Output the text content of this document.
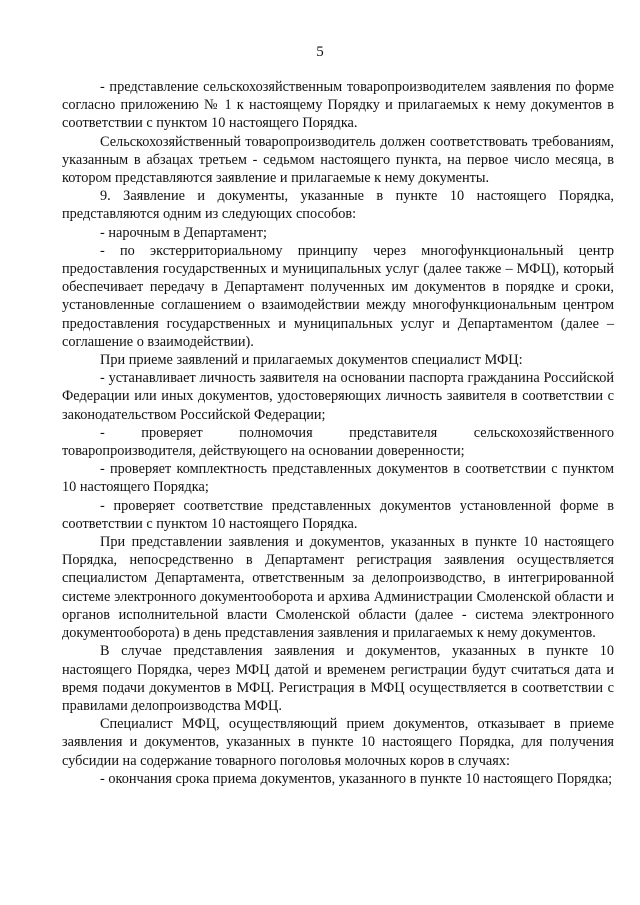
5

- представление сельскохозяйственным товаропроизводителем заявления по форме согласно приложению № 1 к настоящему Порядку и прилагаемых к нему документов в соответствии с пунктом 10 настоящего Порядка.

Сельскохозяйственный товаропроизводитель должен соответствовать требованиям, указанным в абзацах третьем - седьмом настоящего пункта, на первое число месяца, в котором представляются заявление и прилагаемые к нему документы.

9. Заявление и документы, указанные в пункте 10 настоящего Порядка, представляются одним из следующих способов:

- нарочным в Департамент;

- по экстерриториальному принципу через многофункциональный центр предоставления государственных и муниципальных услуг (далее также – МФЦ), который обеспечивает передачу в Департамент полученных им документов в порядке и сроки, установленные соглашением о взаимодействии между многофункциональным центром предоставления государственных и муниципальных услуг и Департаментом (далее – соглашение о взаимодействии).

При приеме заявлений и прилагаемых документов специалист МФЦ:

- устанавливает личность заявителя на основании паспорта гражданина Российской Федерации или иных документов, удостоверяющих личность заявителя в соответствии с законодательством Российской Федерации;

- проверяет полномочия представителя сельскохозяйственного товаропроизводителя, действующего на основании доверенности;

- проверяет комплектность представленных документов в соответствии с пунктом 10 настоящего Порядка;

- проверяет соответствие представленных документов установленной форме в соответствии с пунктом 10 настоящего Порядка.

При представлении заявления и документов, указанных в пункте 10 настоящего Порядка, непосредственно в Департамент регистрация заявления осуществляется специалистом Департамента, ответственным за делопроизводство, в интегрированной системе электронного документооборота и архива Администрации Смоленской области и органов исполнительной власти Смоленской области (далее - система электронного документооборота) в день представления заявления и прилагаемых к нему документов.

В случае представления заявления и документов, указанных в пункте 10 настоящего Порядка, через МФЦ датой и временем регистрации будут считаться дата и время подачи документов в МФЦ. Регистрация в МФЦ осуществляется в соответствии с правилами делопроизводства МФЦ.

Специалист МФЦ, осуществляющий прием документов, отказывает в приеме заявления и документов, указанных в пункте 10 настоящего Порядка, для получения субсидии на содержание товарного поголовья молочных коров в случаях:

- окончания срока приема документов, указанного в пункте 10 настоящего Порядка;
